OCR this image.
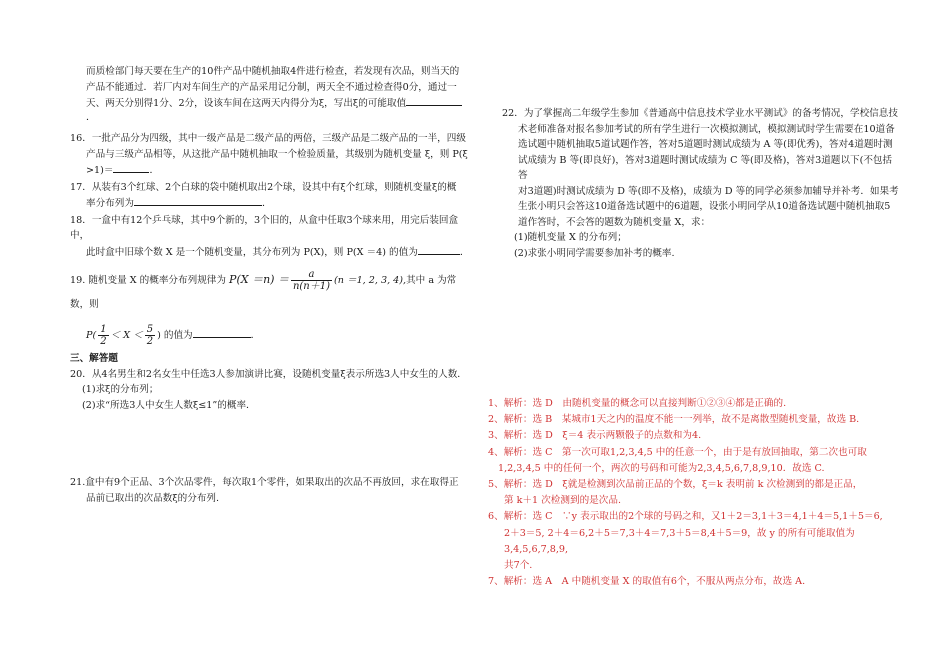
而质检部门每天要在生产的10件产品中随机抽取4件进行检查，若发现有次品，则当天的
产品不能通过．若厂内对车间生产的产品采用记分制，两天全不通过检查得0分，通过一
天、两天分别得1分、2分，设该车间在这两天内得分为ξ，写出ξ的可能取值
．
16．一批产品分为四级，其中一级产品是二级产品的两倍，三级产品是二级产品的一半，四级
产品与三级产品相等，从这批产品中随机抽取一个检验质量，其级别为随机变量 ξ，则 P(ξ
>1)＝	．
17．从装有3个红球、2个白球的袋中随机取出2个球，设其中有ξ个红球，则随机变量ξ的概
率分布列为	．
18．一盒中有12个乒乓球，其中9个新的，3个旧的，从盒中任取3个球来用，用完后装回盒中，
此时盒中旧球个数 X 是一个随机变量，其分布列为 P(X)，则 P(X ＝4) 的值为	．
19. 随机变量 X 的概率分布列规律为 $P(X =n) = \frac{a}{n(n+1)} (n =1$, 2, 3, 4),其中 a 为常数，则
$P( \frac{1}{2} < X < \frac{5}{2}$ ) 的值为	．
三、解答题
20．从4名男生和2名女生中任选3人参加演讲比赛，设随机变量ξ表示所选3人中女生的人数．
(1)求ξ的分布列；
(2)求“所选3人中女生人数ξ≤1”的概率．
21.盒中有9个正品、3个次品零件，每次取1个零件，如果取出的次品不再放回，求在取得正
品前已取出的次品数ξ的分布列.
22．为了掌握高二年级学生参加《普通高中信息技术学业水平测试》的备考情况，学校信息技
术老师准备对报名参加考试的所有学生进行一次模拟测试，模拟测试时学生需要在10道备
选试题中随机抽取5道试题作答，答对5道题时测试成绩为 A 等(即优秀)，答对4道题时测
试成绩为 B 等(即良好)，答对3道题时测试成绩为 C 等(即及格)，答对3道题以下(不包括答
对3道题)时测试成绩为 D 等(即不及格)，成绩为 D 等的同学必须参加辅导并补考．如果考
生张小明只会答这10道备选试题中的6道题，设张小明同学从10道备选试题中随机抽取5
道作答时，不会答的题数为随机变量 X，求：
(1)随机变量 X 的分布列；
(2)求张小明同学需要参加补考的概率.
1、解析：选 D　由随机变量的概念可以直接判断①②③④都是正确的.
2、解析：选 B　某城市1天之内的温度不能一一列举，故不是离散型随机变量，故选 B.
3、解析：选 D　ξ＝4 表示两颗骰子的点数和为4.
4、解析：选 C　第一次可取1,2,3,4,5 中的任意一个，由于是有放回抽取，第二次也可取
1,2,3,4,5 中的任何一个，两次的号码和可能为2,3,4,5,6,7,8,9,10．故选 C.
5、解析：选 D　ξ就是检测到次品前正品的个数，ξ＝k 表明前 k 次检测到的都是正品，
第 k＋1 次检测到的是次品.
6、解析：选 C　∵y 表示取出的2个球的号码之和，又1＋2＝3,1＋3＝4,1＋4＝5,1＋5＝6,
2＋3＝5, 2＋4＝6,2＋5＝7,3＋4＝7,3＋5＝8,4＋5＝9，故 y 的所有可能取值为3,4,5,6,7,8,9,
共7个.
7、解析：选 A　A 中随机变量 X 的取值有6个，不服从两点分布，故选 A.
